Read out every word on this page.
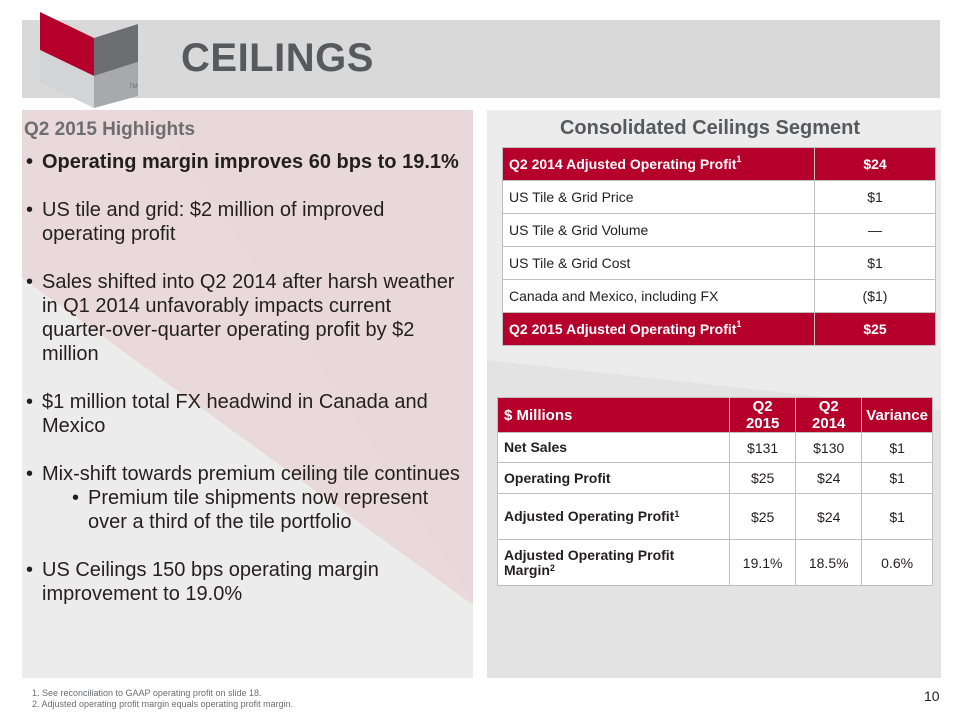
TM
CEILINGS
Q2 2015 Highlights
• Operating margin improves 60 bps to 19.1%
• US tile and grid: $2 million of improved operating profit
• Sales shifted into Q2 2014 after harsh weather in Q1 2014 unfavorably impacts current quarter-over-quarter operating profit by $2 million
• $1 million total FX headwind in Canada and Mexico
• Mix-shift towards premium ceiling tile continues
• Premium tile shipments now represent over a third of the tile portfolio
• US Ceilings 150 bps operating margin improvement to 19.0%
Consolidated Ceilings Segment
Q2 2014 Adjusted Operating Profit$^1$	$24
US Tile & Grid Price	$1
US Tile & Grid Volume	—
US Tile & Grid Cost	$1
Canada and Mexico, including FX	($1)
Q2 2015 Adjusted Operating Profit$^1$	$25
$ Millions	Q2 2015	Q2 2014	Variance
Net Sales	$131	$130	$1
Operating Profit	$25	$24	$1
Adjusted Operating Profit$^1$	$25	$24	$1
Adjusted Operating Profit Margin$^2$	19.1%	18.5%	0.6%
1. See reconciliation to GAAP operating profit on slide 18.
2. Adjusted operating profit margin equals operating profit margin.	10
